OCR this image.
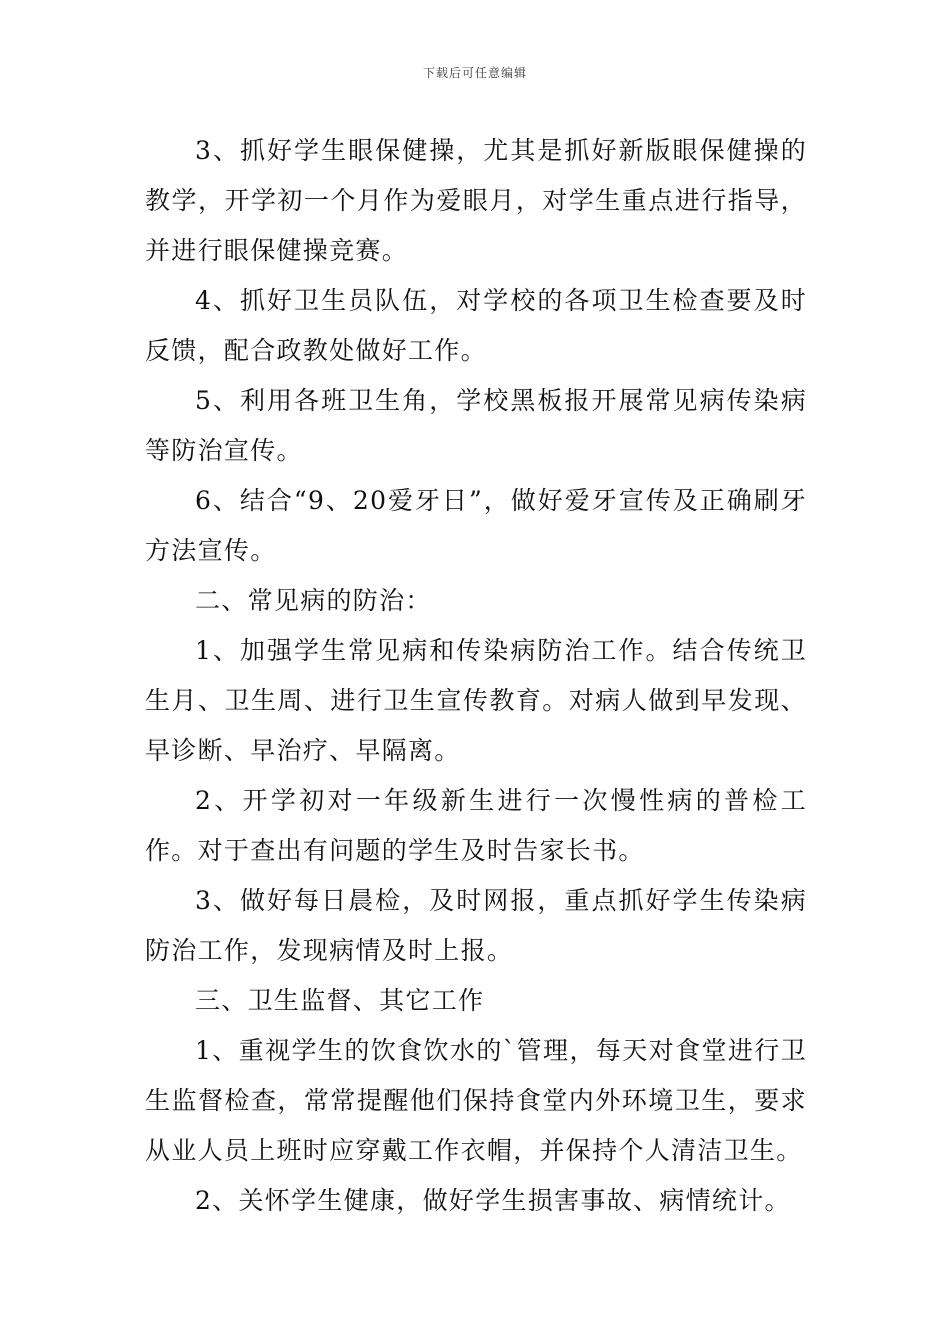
下载后可任意编辑

3、抓好学生眼保健操，尤其是抓好新版眼保健操的教学，开学初一个月作为爱眼月，对学生重点进行指导，并进行眼保健操竞赛。

4、抓好卫生员队伍，对学校的各项卫生检查要及时反馈，配合政教处做好工作。

5、利用各班卫生角，学校黑板报开展常见病传染病等防治宣传。

6、结合“9、20爱牙日”，做好爱牙宣传及正确刷牙方法宣传。

二、常见病的防治：

1、加强学生常见病和传染病防治工作。结合传统卫生月、卫生周、进行卫生宣传教育。对病人做到早发现、早诊断、早治疗、早隔离。

2、开学初对一年级新生进行一次慢性病的普检工作。对于查出有问题的学生及时告家长书。

3、做好每日晨检，及时网报，重点抓好学生传染病防治工作，发现病情及时上报。

三、卫生监督、其它工作

1、重视学生的饮食饮水的`管理，每天对食堂进行卫生监督检查，常常提醒他们保持食堂内外环境卫生，要求从业人员上班时应穿戴工作衣帽，并保持个人清洁卫生。

2、关怀学生健康，做好学生损害事故、病情统计。
